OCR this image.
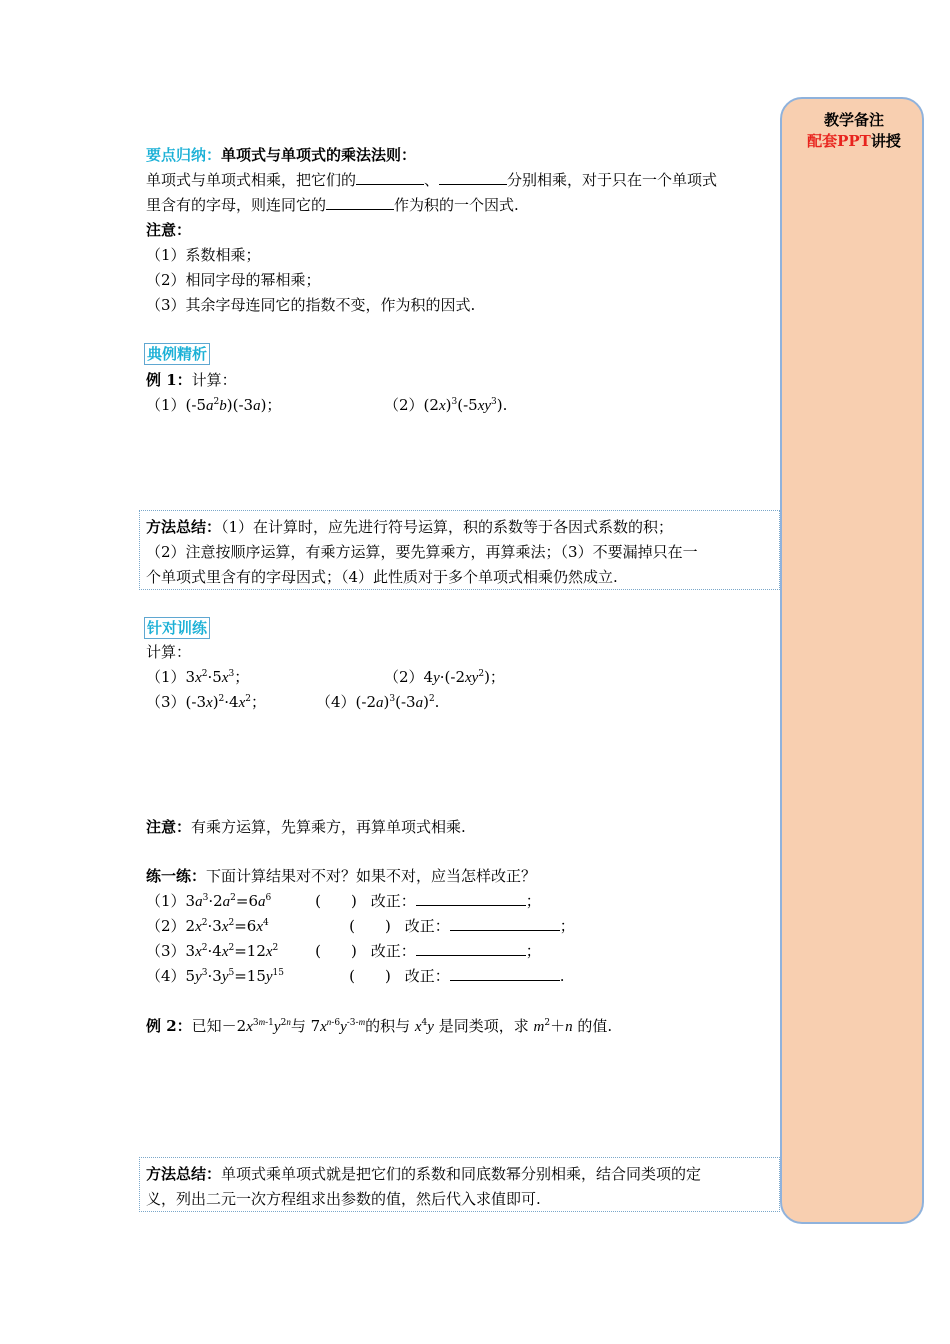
教学备注
配套PPT讲授
要点归纳：单项式与单项式的乘法法则：
单项式与单项式相乘，把它们的	、	分别相乘，对于只在一个单项式
里含有的字母，则连同它的	作为积的一个因式.
注意：
（1）系数相乘；
（2）相同字母的幂相乘；
（3）其余字母连同它的指数不变，作为积的因式.
典例精析
例 1：计算：
$(1)(-5a^2b)(-3a)$；	$(2)(2x)^3(-5xy^3)$.
方法总结：（1）在计算时，应先进行符号运算，积的系数等于各因式系数的积；
（2）注意按顺序运算，有乘方运算，要先算乘方，再算乘法；（3）不要漏掉只在一
个单项式里含有的字母因式；（4）此性质对于多个单项式相乘仍然成立.
针对训练
计算：
$(1)3x^2\cdot 5x^3$；	$(2)4y\cdot(-2xy^2)$；
$(3)(-3x)^2\cdot 4x^2$；	$(4)(-2a)^3(-3a)^2$.
注意：有乘方运算，先算乘方，再算单项式相乘.
练一练：下面计算结果对不对？如果不对，应当怎样改正？
$(1)3a^3\cdot 2a^2=6a^6$	(　　) 改正：	；
$(2)2x^2\cdot 3x^2=6x^4$	(　　) 改正：	；
$(3)3x^2\cdot 4x^2=12x^2$	(　　) 改正：	；
$(4)5y^3\cdot 3y^5=15y^{15}$	(　　) 改正：	.
例 2：已知$-2x^{3m-1}y^{2n}$与 $7x^{n-6}y^{-3-m}$的积与 $x^4y$ 是同类项，求 $m^2+n$ 的值.
方法总结：单项式乘单项式就是把它们的系数和同底数幂分别相乘，结合同类项的定
义，列出二元一次方程组求出参数的值，然后代入求值即可.
